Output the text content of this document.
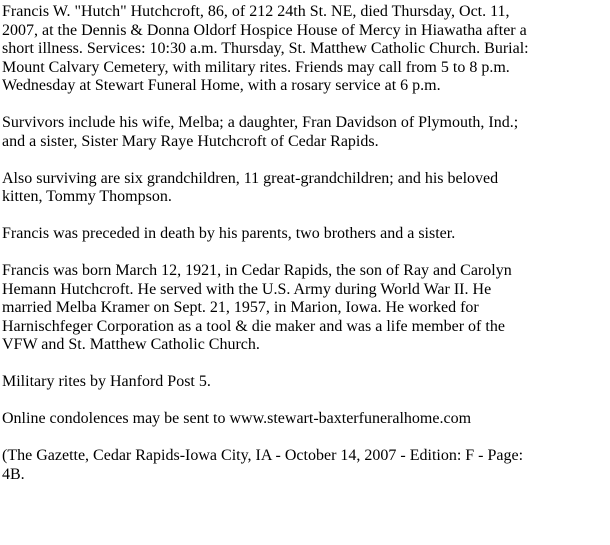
Francis W. "Hutch" Hutchcroft, 86, of 212 24th St. NE, died Thursday, Oct. 11,
2007, at the Dennis & Donna Oldorf Hospice House of Mercy in Hiawatha after a
short illness. Services: 10:30 a.m. Thursday, St. Matthew Catholic Church. Burial:
Mount Calvary Cemetery, with military rites. Friends may call from 5 to 8 p.m.
Wednesday at Stewart Funeral Home, with a rosary service at 6 p.m.

Survivors include his wife, Melba; a daughter, Fran Davidson of Plymouth, Ind.;
and a sister, Sister Mary Raye Hutchcroft of Cedar Rapids.

Also surviving are six grandchildren, 11 great-grandchildren; and his beloved
kitten, Tommy Thompson.

Francis was preceded in death by his parents, two brothers and a sister.

Francis was born March 12, 1921, in Cedar Rapids, the son of Ray and Carolyn
Hemann Hutchcroft. He served with the U.S. Army during World War II. He
married Melba Kramer on Sept. 21, 1957, in Marion, Iowa. He worked for
Harnischfeger Corporation as a tool & die maker and was a life member of the
VFW and St. Matthew Catholic Church.

Military rites by Hanford Post 5.

Online condolences may be sent to www.stewart-baxterfuneralhome.com

(The Gazette, Cedar Rapids-Iowa City, IA - October 14, 2007 - Edition: F - Page:
4B.
